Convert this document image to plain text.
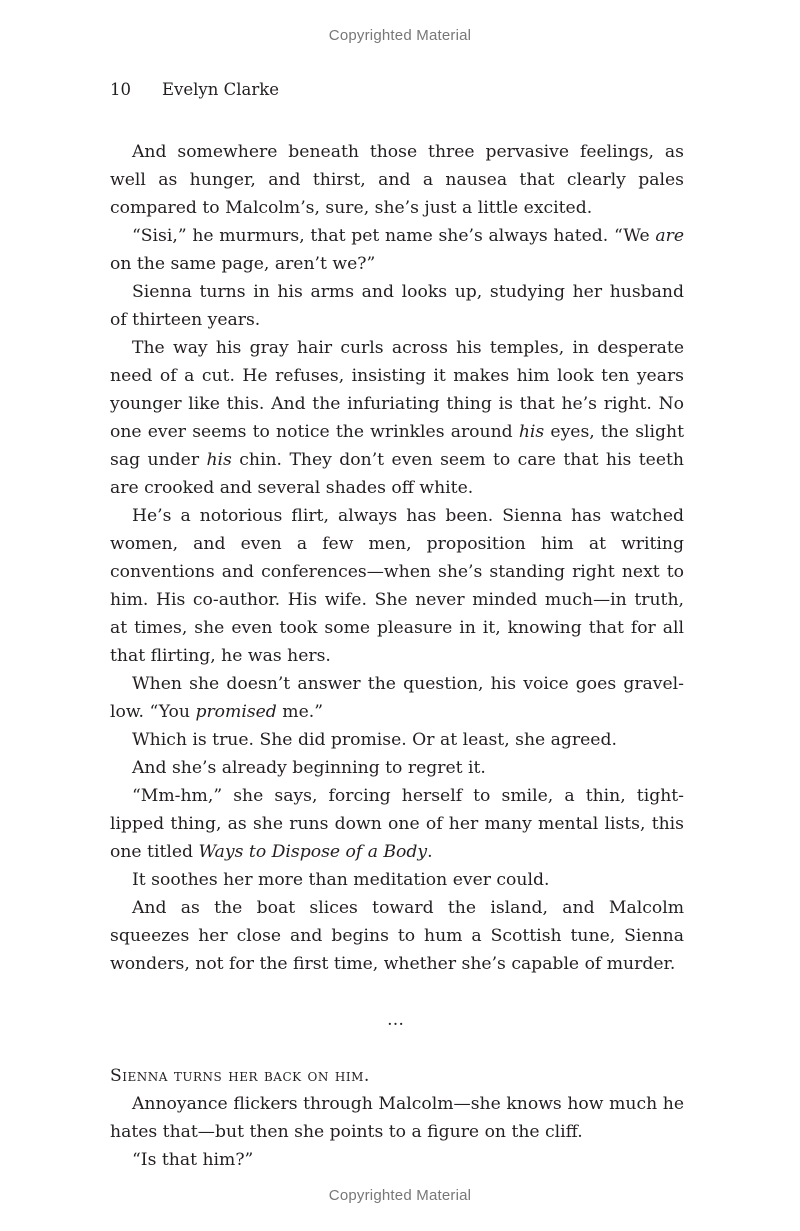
Copyrighted Material
10 Evelyn Clarke

And somewhere beneath those three pervasive feelings, as well as hunger, and thirst, and a nausea that clearly pales compared to Malcolm’s, sure, she’s just a little excited.

“Sisi,” he murmurs, that pet name she’s always hated. “We are on the same page, aren’t we?”

Sienna turns in his arms and looks up, studying her husband of thirteen years.

The way his gray hair curls across his temples, in desperate need of a cut. He refuses, insisting it makes him look ten years younger like this. And the infuriating thing is that he’s right. No one ever seems to notice the wrinkles around his eyes, the slight sag under his chin. They don’t even seem to care that his teeth are crooked and several shades off white.

He’s a notorious flirt, always has been. Sienna has watched women, and even a few men, proposition him at writing conventions and conferences—when she’s standing right next to him. His co-author. His wife. She never minded much—in truth, at times, she even took some pleasure in it, knowing that for all that flirting, he was hers.

When she doesn’t answer the question, his voice goes gravel-low. “You promised me.”

Which is true. She did promise. Or at least, she agreed.

And she’s already beginning to regret it.

“Mm-hm,” she says, forcing herself to smile, a thin, tight-lipped thing, as she runs down one of her many mental lists, this one titled Ways to Dispose of a Body.

It soothes her more than meditation ever could.

And as the boat slices toward the island, and Malcolm squeezes her close and begins to hum a Scottish tune, Sienna wonders, not for the first time, whether she’s capable of murder.

…

Sienna turns her back on him.

Annoyance flickers through Malcolm—she knows how much he hates that—but then she points to a figure on the cliff.

“Is that him?”

Copyrighted Material
